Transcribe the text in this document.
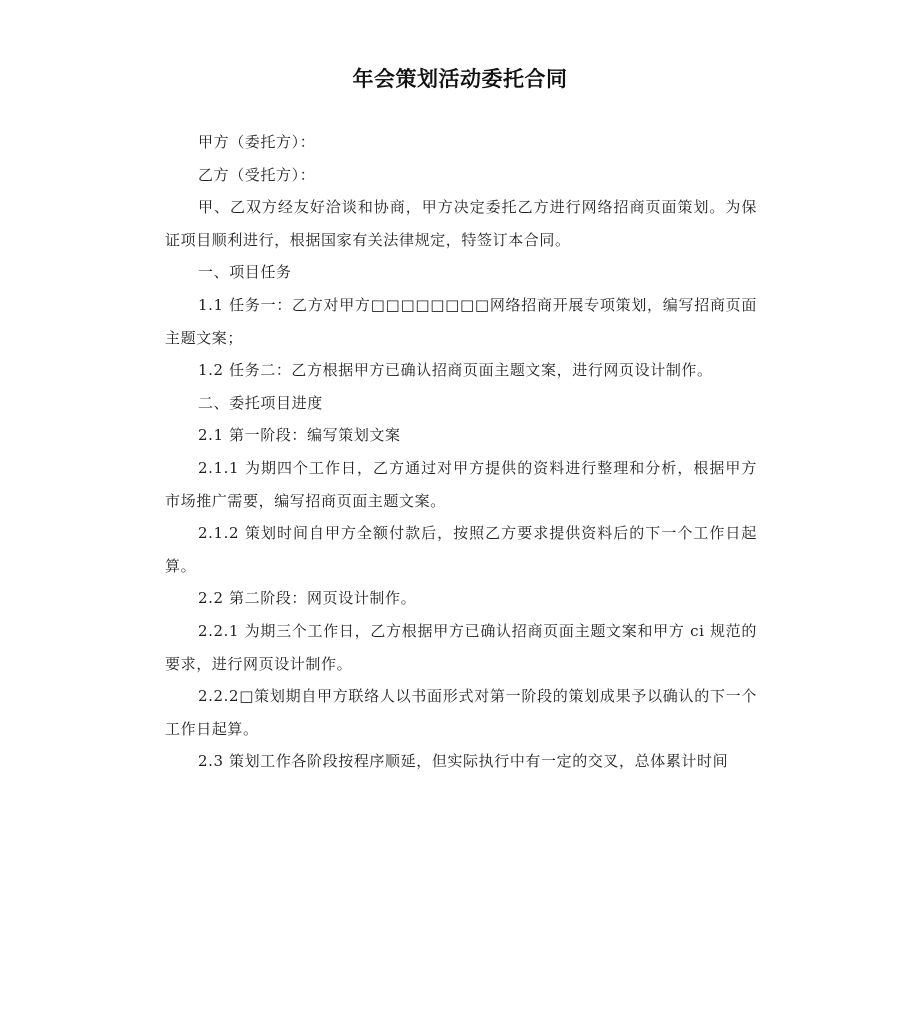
年会策划活动委托合同

甲方（委托方）：

乙方（受托方）：

甲、乙双方经友好洽谈和协商，甲方决定委托乙方进行网络招商页面策划。为保证项目顺利进行，根据国家有关法律规定，特签订本合同。

一、项目任务

1.1 任务一：乙方对甲方□□□□□□□□网络招商开展专项策划，编写招商页面主题文案；

1.2 任务二：乙方根据甲方已确认招商页面主题文案，进行网页设计制作。

二、委托项目进度

2.1 第一阶段：编写策划文案

2.1.1 为期四个工作日，乙方通过对甲方提供的资料进行整理和分析，根据甲方市场推广需要，编写招商页面主题文案。

2.1.2 策划时间自甲方全额付款后，按照乙方要求提供资料后的下一个工作日起算。

2.2 第二阶段：网页设计制作。

2.2.1 为期三个工作日，乙方根据甲方已确认招商页面主题文案和甲方 ci 规范的要求，进行网页设计制作。

2.2.2□策划期自甲方联络人以书面形式对第一阶段的策划成果予以确认的下一个工作日起算。

2.3 策划工作各阶段按程序顺延，但实际执行中有一定的交叉，总体累计时间
